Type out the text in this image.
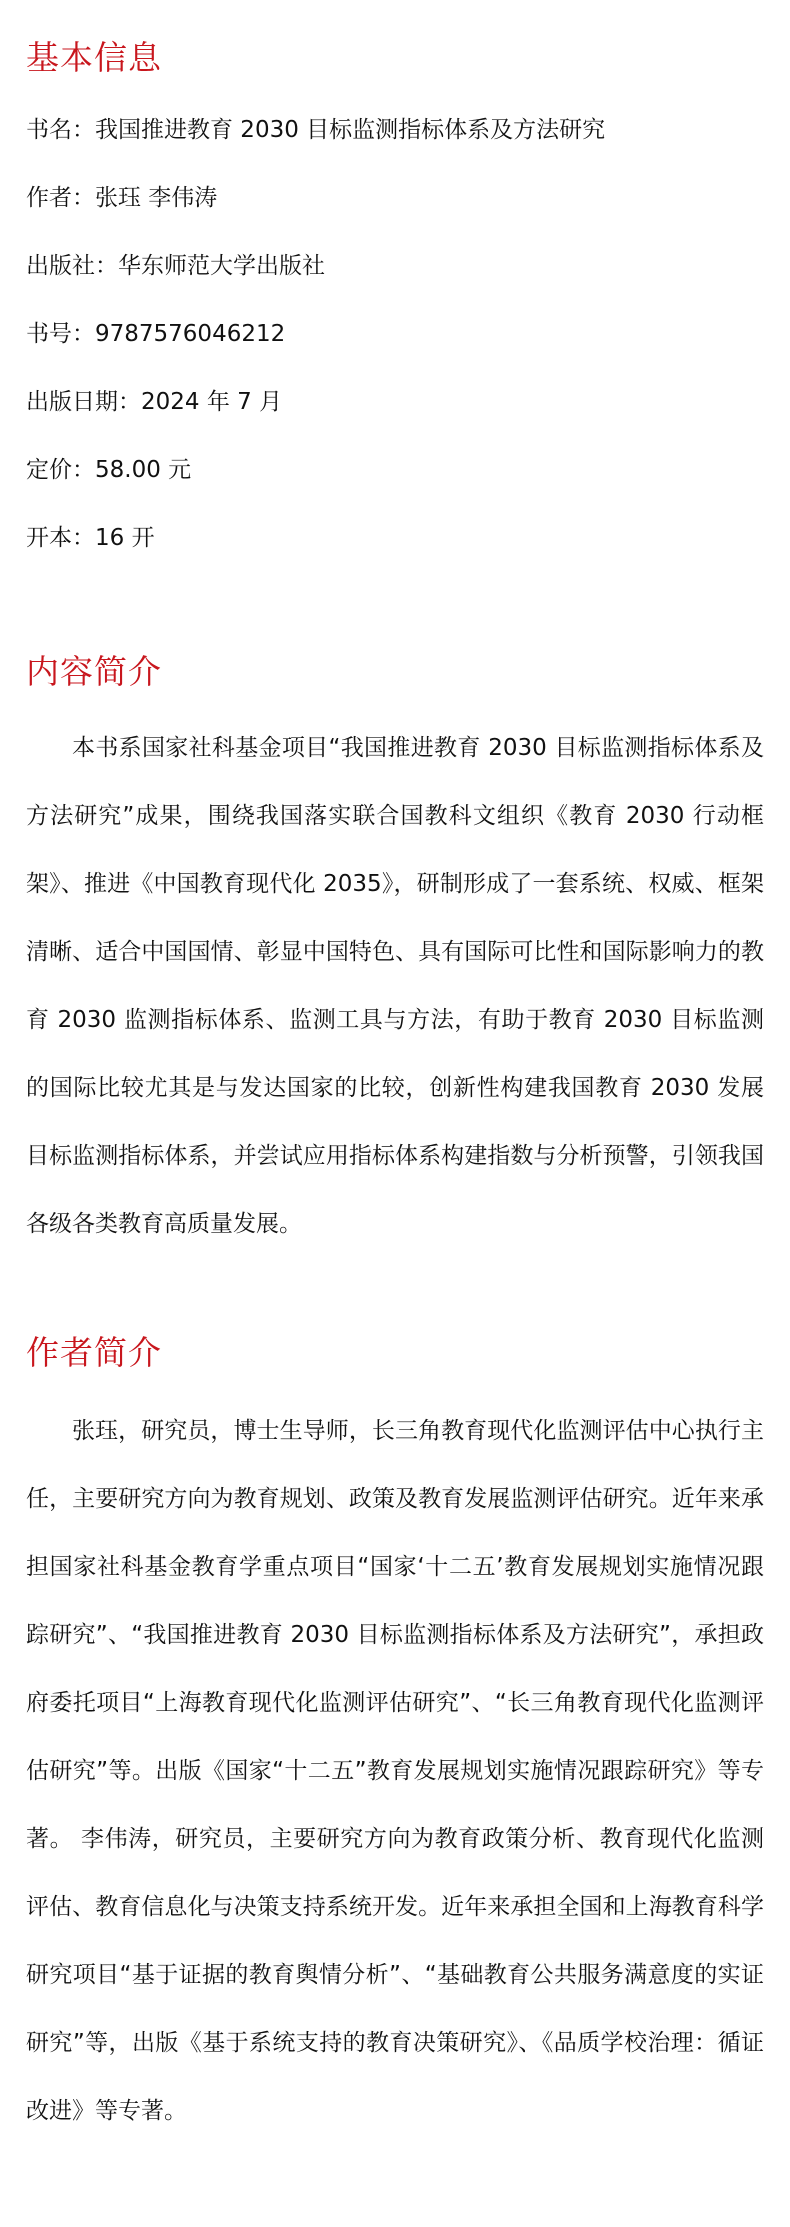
基本信息

书名：我国推进教育 2030 目标监测指标体系及方法研究

作者：张珏 李伟涛

出版社：华东师范大学出版社

书号：9787576046212

出版日期：2024 年 7 月

定价：58.00 元

开本：16 开

内容简介

本书系国家社科基金项目“我国推进教育 2030 目标监测指标体系及方法研究”成果，围绕我国落实联合国教科文组织《教育 2030 行动框架》、推进《中国教育现代化 2035》，研制形成了一套系统、权威、框架清晰、适合中国国情、彰显中国特色、具有国际可比性和国际影响力的教育 2030 监测指标体系、监测工具与方法，有助于教育 2030 目标监测的国际比较尤其是与发达国家的比较，创新性构建我国教育 2030 发展目标监测指标体系，并尝试应用指标体系构建指数与分析预警，引领我国各级各类教育高质量发展。

作者简介

张珏，研究员，博士生导师，长三角教育现代化监测评估中心执行主任，主要研究方向为教育规划、政策及教育发展监测评估研究。近年来承担国家社科基金教育学重点项目“国家‘十二五’教育发展规划实施情况跟踪研究”、“我国推进教育 2030 目标监测指标体系及方法研究”，承担政府委托项目“上海教育现代化监测评估研究”、“长三角教育现代化监测评估研究”等。出版《国家“十二五”教育发展规划实施情况跟踪研究》等专著。 李伟涛，研究员，主要研究方向为教育政策分析、教育现代化监测评估、教育信息化与决策支持系统开发。近年来承担全国和上海教育科学研究项目“基于证据的教育舆情分析”、“基础教育公共服务满意度的实证研究”等，出版《基于系统支持的教育决策研究》、《品质学校治理：循证改进》等专著。
